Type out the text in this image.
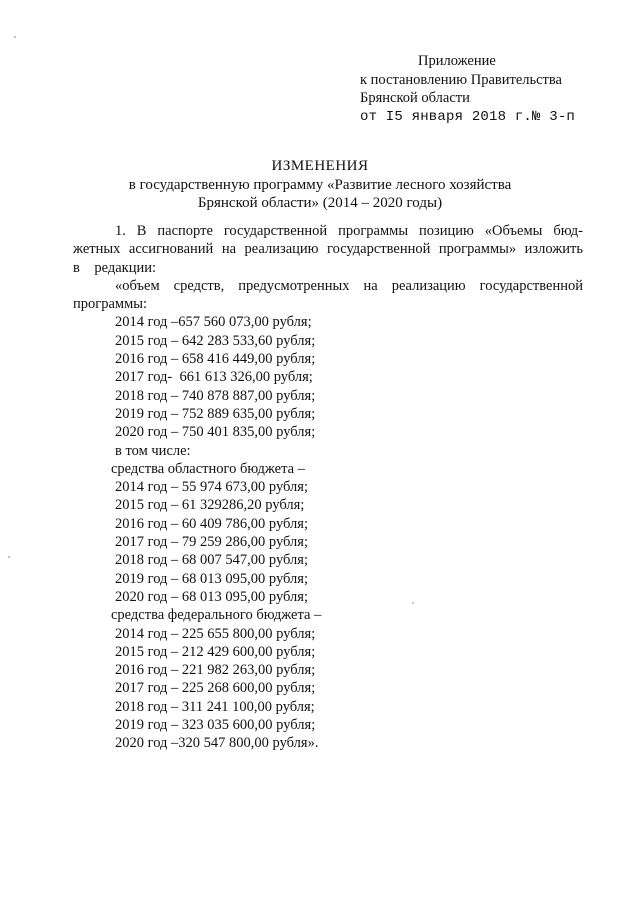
Приложение
к постановлению Правительства
Брянской области
от I5 января 2018 г.№ 3-п
ИЗМЕНЕНИЯ
в государственную программу «Развитие лесного хозяйства
Брянской области» (2014 – 2020 годы)
1. В паспорте государственной программы позицию «Объемы бюд-
жетных ассигнований на реализацию государственной программы» изложить
в    редакции:
«объем средств, предусмотренных на реализацию государственной
программы:
2014 год –657 560 073,00 рубля;
2015 год – 642 283 533,60 рубля;
2016 год – 658 416 449,00 рубля;
2017 год-  661 613 326,00 рубля;
2018 год – 740 878 887,00 рубля;
2019 год – 752 889 635,00 рубля;
2020 год – 750 401 835,00 рубля;
в том числе:
средства областного бюджета –
2014 год – 55 974 673,00 рубля;
2015 год – 61 329286,20 рубля;
2016 год – 60 409 786,00 рубля;
2017 год – 79 259 286,00 рубля;
2018 год – 68 007 547,00 рубля;
2019 год – 68 013 095,00 рубля;
2020 год – 68 013 095,00 рубля;
средства федерального бюджета –
2014 год – 225 655 800,00 рубля;
2015 год – 212 429 600,00 рубля;
2016 год – 221 982 263,00 рубля;
2017 год – 225 268 600,00 рубля;
2018 год – 311 241 100,00 рубля;
2019 год – 323 035 600,00 рубля;
2020 год –320 547 800,00 рубля».
